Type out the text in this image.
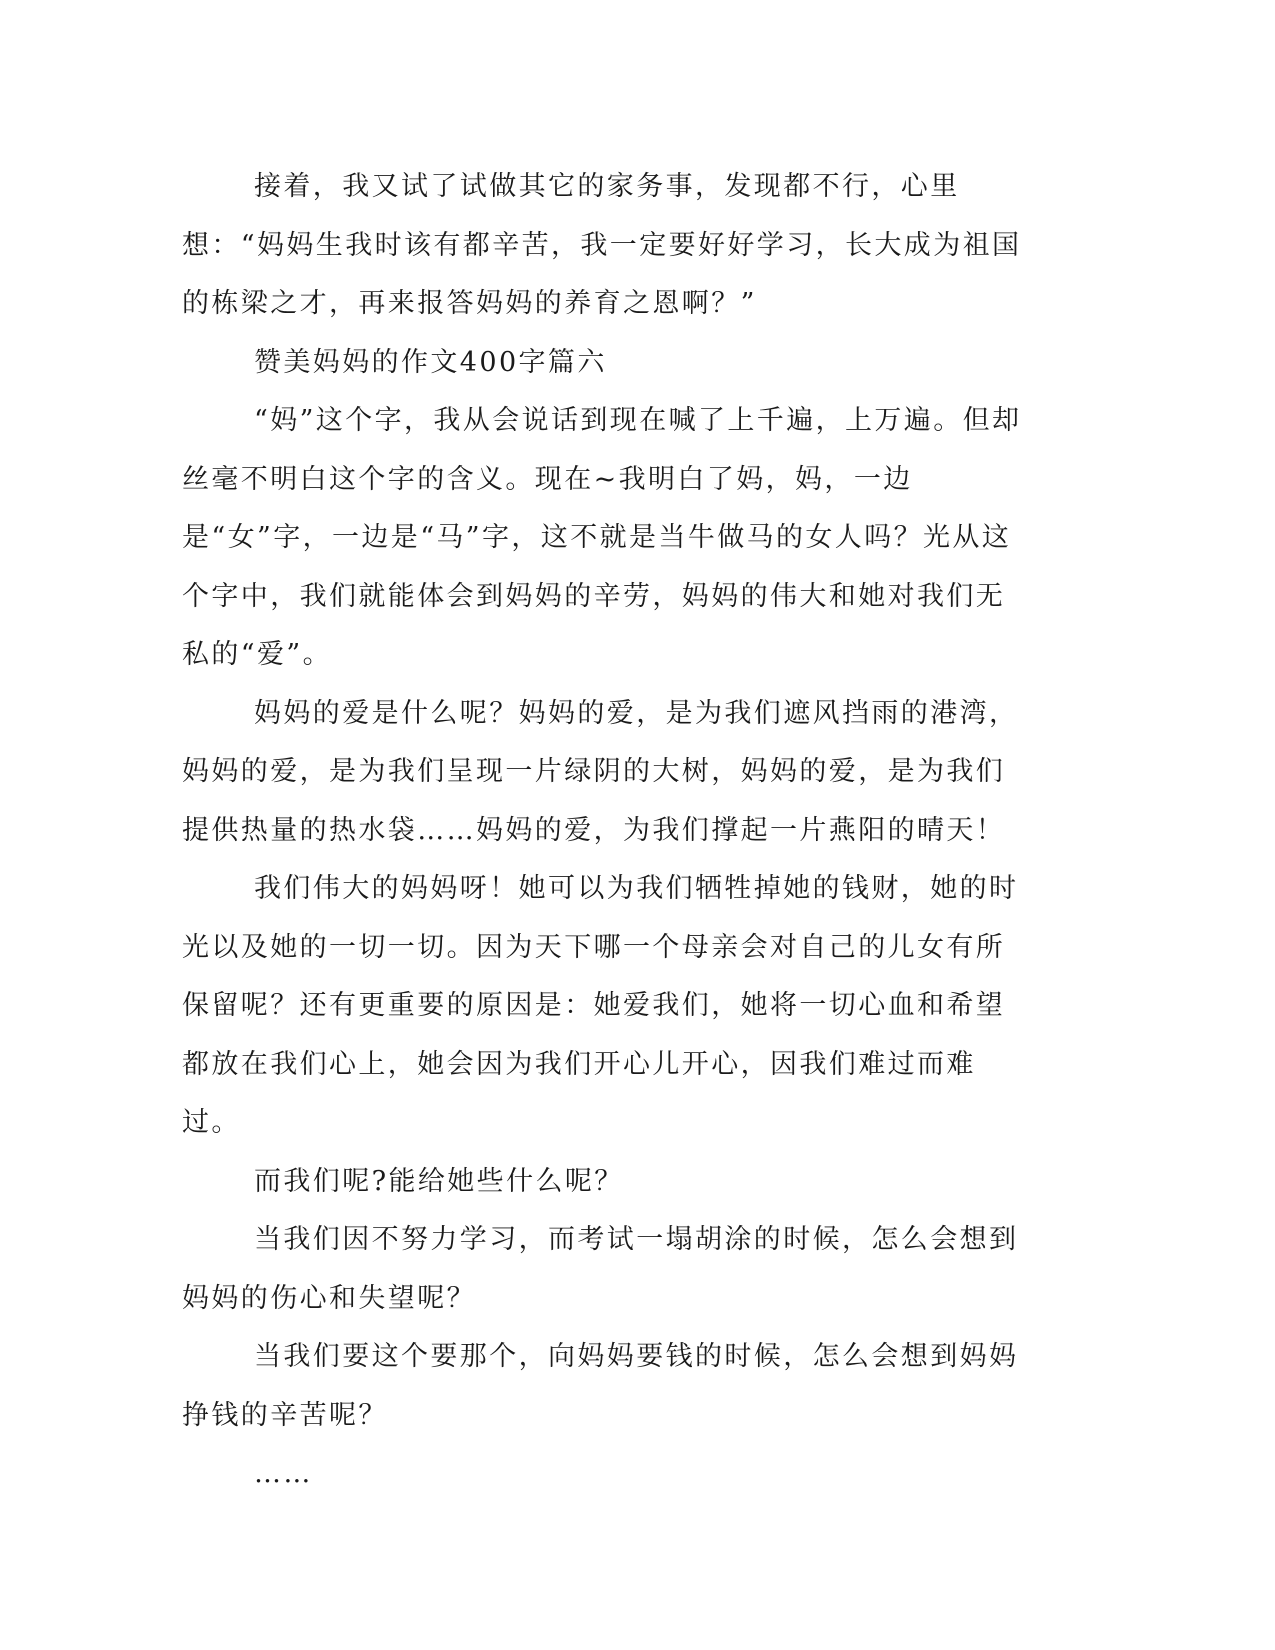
接着，我又试了试做其它的家务事，发现都不行，心里想：“妈妈生我时该有都辛苦，我一定要好好学习，长大成为祖国的栋梁之才，再来报答妈妈的养育之恩啊？”

赞美妈妈的作文400字篇六

“妈”这个字，我从会说话到现在喊了上千遍，上万遍。但却丝毫不明白这个字的含义。现在~我明白了妈，妈，一边是“女”字，一边是“马”字，这不就是当牛做马的女人吗？光从这个字中，我们就能体会到妈妈的辛劳，妈妈的伟大和她对我们无私的“爱”。

妈妈的爱是什么呢？妈妈的爱，是为我们遮风挡雨的港湾，妈妈的爱，是为我们呈现一片绿阴的大树，妈妈的爱，是为我们提供热量的热水袋……妈妈的爱，为我们撑起一片燕阳的晴天！

我们伟大的妈妈呀！她可以为我们牺牲掉她的钱财，她的时光以及她的一切一切。因为天下哪一个母亲会对自己的儿女有所保留呢？还有更重要的原因是：她爱我们，她将一切心血和希望都放在我们心上，她会因为我们开心儿开心，因我们难过而难过。

而我们呢?能给她些什么呢？

当我们因不努力学习，而考试一塌胡涂的时候，怎么会想到妈妈的伤心和失望呢？

当我们要这个要那个，向妈妈要钱的时候，怎么会想到妈妈挣钱的辛苦呢？

……
